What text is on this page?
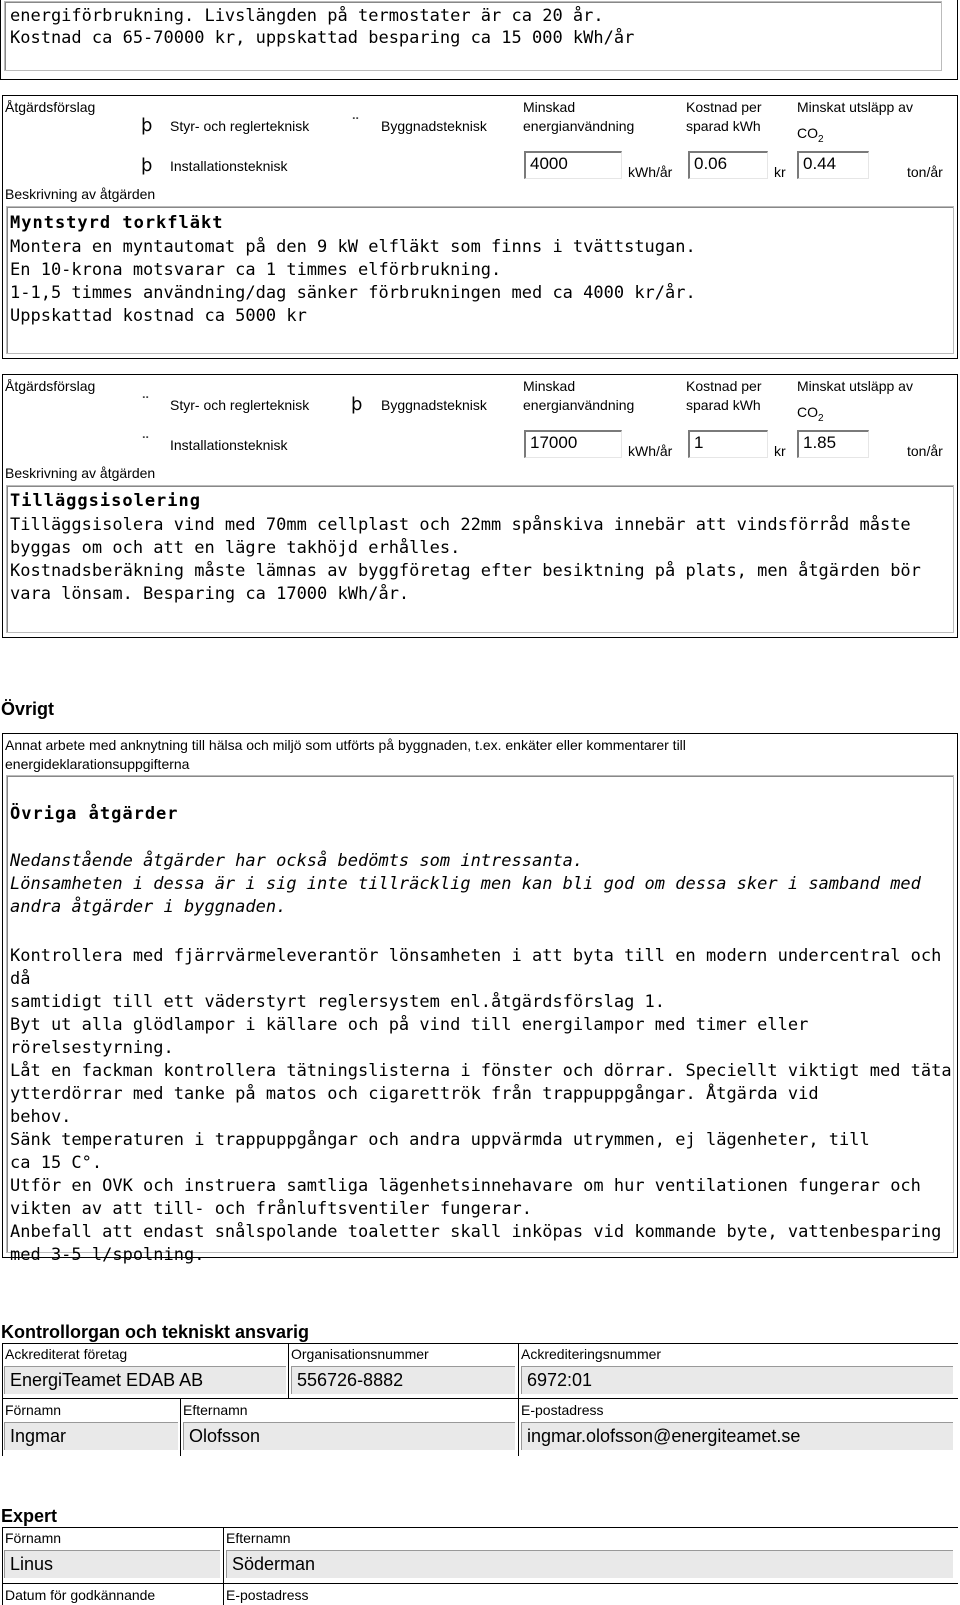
energiförbrukning. Livslängden på termostater är ca 20 år.
Kostnad ca 65-70000 kr, uppskattad besparing ca 15 000 kWh/år
Åtgärdsförslag
þ Styr- och reglerteknisk ¨ Byggnadsteknisk
Minskad
energianvändning
Kostnad per
sparad kWh
Minskat utsläpp av
$CO_2$
þ Installationsteknisk	4000	kWh/år	0.06	kr	0.44	ton/år
Beskrivning av åtgärden
Myntstyrd torkfläkt
Montera en myntautomat på den 9 kW elfläkt som finns i tvättstugan.
En 10-krona motsvarar ca 1 timmes elförbrukning.
1-1,5 timmes användning/dag sänker förbrukningen med ca 4000 kr/år.
Uppskattad kostnad ca 5000 kr
Åtgärdsförslag
¨ Styr- och reglerteknisk þ Byggnadsteknisk
Minskad
energianvändning
Kostnad per
sparad kWh
Minskat utsläpp av
$CO_2$
¨ Installationsteknisk	17000	kWh/år	1	kr	1.85	ton/år
Beskrivning av åtgärden
Tilläggsisolering
Tilläggsisolera vind med 70mm cellplast och 22mm spånskiva innebär att vindsförråd måste
byggas om och att en lägre takhöjd erhålles.
Kostnadsberäkning måste lämnas av byggföretag efter besiktning på plats, men åtgärden bör
vara lönsam. Besparing ca 17000 kWh/år.
Övrigt
Annat arbete med anknytning till hälsa och miljö som utförts på byggnaden, t.ex. enkäter eller kommentarer till
energideklarationsuppgifterna
Övriga åtgärder
Nedanstående åtgärder har också bedömts som intressanta.
Lönsamheten i dessa är i sig inte tillräcklig men kan bli god om dessa sker i samband med
andra åtgärder i byggnaden.
Kontrollera med fjärrvärmeleverantör lönsamheten i att byta till en modern undercentral och då
samtidigt till ett väderstyrt reglersystem enl.åtgärdsförslag 1.
Byt ut alla glödlampor i källare och på vind till energilampor med timer eller rörelsestyrning.
Låt en fackman kontrollera tätningslisterna i fönster och dörrar. Speciellt viktigt med täta
ytterdörrar med tanke på matos och cigarettrök från trappuppgångar. Åtgärda vid
behov.
Sänk temperaturen i trappuppgångar och andra uppvärmda utrymmen, ej lägenheter, till
ca 15 C°.
Utför en OVK och instruera samtliga lägenhetsinnehavare om hur ventilationen fungerar och
vikten av att till- och frånluftsventiler fungerar.
Anbefall att endast snålspolande toaletter skall inköpas vid kommande byte, vattenbesparing
med 3-5 l/spolning.
Kontrollorgan och tekniskt ansvarig
Ackrediterat företag
EnergiTeamet EDAB AB
Organisationsnummer
556726-8882
Ackrediteringsnummer
6972:01
Förnamn
Ingmar
Efternamn
Olofsson
E-postadress
ingmar.olofsson@energiteamet.se
Expert
Förnamn
Linus
Efternamn
Söderman
Datum för godkännande	E-postadress
